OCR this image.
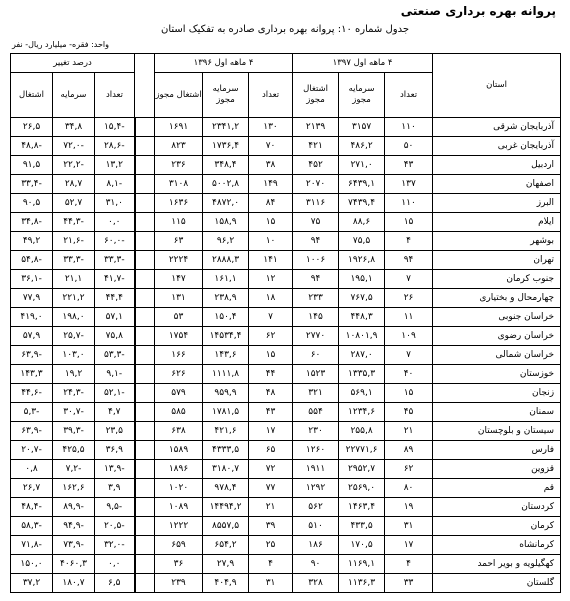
پروانه بهره برداری صنعتی
جدول شماره ۱۰: پروانه بهره برداری صادره به تفکیک استان
واحد: فقره- میلیارد ریال- نفر
استان	۴ ماهه اول ۱۳۹۷			۴ ماهه اول ۱۳۹۶				درصد تغییر		
	تعداد	سرمایه مجوز	اشتغال مجوز	تعداد	سرمایه مجوز	اشتغال مجوز		تعداد	سرمایه	اشتغال
آذربایجان شرقی	۱۱۰	۳۱۵۷	۲۱۳۹	۱۳۰	۲۳۴۱,۲	۱۶۹۱		-۱۵,۴	۳۴,۸	۲۶,۵
آذربایجان غربی	۵۰	۴۸۶,۲	۴۲۱	۷۰	۱۷۳۶,۴	۸۲۳		-۲۸,۶	-۷۲,۰	-۴۸,۸
اردبیل	۴۳	۲۷۱,۰	۴۵۲	۳۸	۳۴۸,۴	۲۳۶		۱۳,۲	-۲۲,۲	۹۱,۵
اصفهان	۱۳۷	۶۴۳۹,۱	۲۰۷۰	۱۴۹	۵۰۰۲,۸	۳۱۰۸		-۸,۱	۲۸,۷	-۳۳,۴
البرز	۱۱۰	۷۴۳۹,۴	۳۱۱۶	۸۴	۴۸۷۲,۰	۱۶۳۶		۳۱,۰	۵۲,۷	۹۰,۵
ایلام	۱۵	۸۸,۶	۷۵	۱۵	۱۵۸,۹	۱۱۵		۰,۰	-۴۴,۳	-۳۴,۸
بوشهر	۴	۷۵,۵	۹۴	۱۰	۹۶,۲	۶۳		-۶۰,۰	-۲۱,۶	۴۹,۲
تهران	۹۴	۱۹۲۶,۸	۱۰۰۶	۱۴۱	۲۸۸۸,۳	۲۲۲۴		-۳۳,۳	-۳۳,۳	-۵۴,۸
جنوب کرمان	۷	۱۹۵,۱	۹۴	۱۲	۱۶۱,۱	۱۴۷		-۴۱,۷	۲۱,۱	-۳۶,۱
چهارمحال و بختیاری	۲۶	۷۶۷,۵	۲۳۳	۱۸	۲۳۸,۹	۱۳۱		۴۴,۴	۲۲۱,۲	۷۷,۹
خراسان جنوبی	۱۱	۴۴۸,۳	۱۴۵	۷	۱۵۰,۴	۵۳		۵۷,۱	۱۹۸,۰	۴۱۹,۰
خراسان رضوی	۱۰۹	۱۰۸۰۱,۹	۲۷۷۰	۶۲	۱۴۵۳۴,۴	۱۷۵۴		۷۵,۸	-۲۵,۷	۵۷,۹
خراسان شمالی	۷	۲۸۷,۰	۶۰	۱۵	۱۴۳,۶	۱۶۶		-۵۳,۳	۱۰۳,۰	-۶۳,۹
خوزستان	۴۰	۱۳۳۵,۳	۱۵۲۳	۴۴	۱۱۱۱,۸	۶۲۶		-۹,۱	۱۹,۲	۱۴۳,۳
زنجان	۱۵	۵۶۹,۱	۳۲۱	۴۸	۹۵۹,۹	۵۷۹		-۵۲,۱	-۲۴,۳	-۴۴,۶
سمنان	۴۵	۱۲۳۴,۶	۵۵۴	۴۳	۱۷۸۱,۵	۵۸۵		۴,۷	-۳۰,۷	-۵,۳
سیستان و بلوچستان	۲۱	۲۵۵,۸	۲۳۰	۱۷	۴۲۱,۶	۶۳۸		۲۳,۵	-۳۹,۳	-۶۳,۹
فارس	۸۹	۲۲۷۷۱,۶	۱۲۶۰	۶۵	۴۳۳۳,۵	۱۵۸۹		۳۶,۹	۴۲۵,۵	-۲۰,۷
قزوین	۶۲	۲۹۵۲,۷	۱۹۱۱	۷۲	۳۱۸۰,۷	۱۸۹۶		-۱۳,۹	-۷,۲	۰,۸
قم	۸۰	۲۵۶۹,۰	۱۲۹۲	۷۷	۹۷۸,۴	۱۰۲۰		۳,۹	۱۶۲,۶	۲۶,۷
کردستان	۱۹	۱۴۶۳,۴	۵۶۲	۲۱	۱۴۴۹۴,۲	۱۰۸۹		-۹,۵	-۸۹,۹	-۴۸,۴
کرمان	۳۱	۴۳۳,۵	۵۱۰	۳۹	۸۵۵۷,۵	۱۲۲۲		-۲۰,۵	-۹۴,۹	-۵۸,۳
کرمانشاه	۱۷	۱۷۰,۵	۱۸۶	۲۵	۶۵۴,۲	۶۵۹		-۳۲,۰	-۷۳,۹	-۷۱,۸
کهگیلویه و بویر احمد	۴	۱۱۶۹,۱	۹۰	۴	۲۷,۹	۳۶		۰,۰	۴۰۶۰,۳	۱۵۰,۰
گلستان	۳۳	۱۱۳۶,۳	۳۲۸	۳۱	۴۰۴,۹	۲۳۹		۶,۵	۱۸۰,۷	۳۷,۲
